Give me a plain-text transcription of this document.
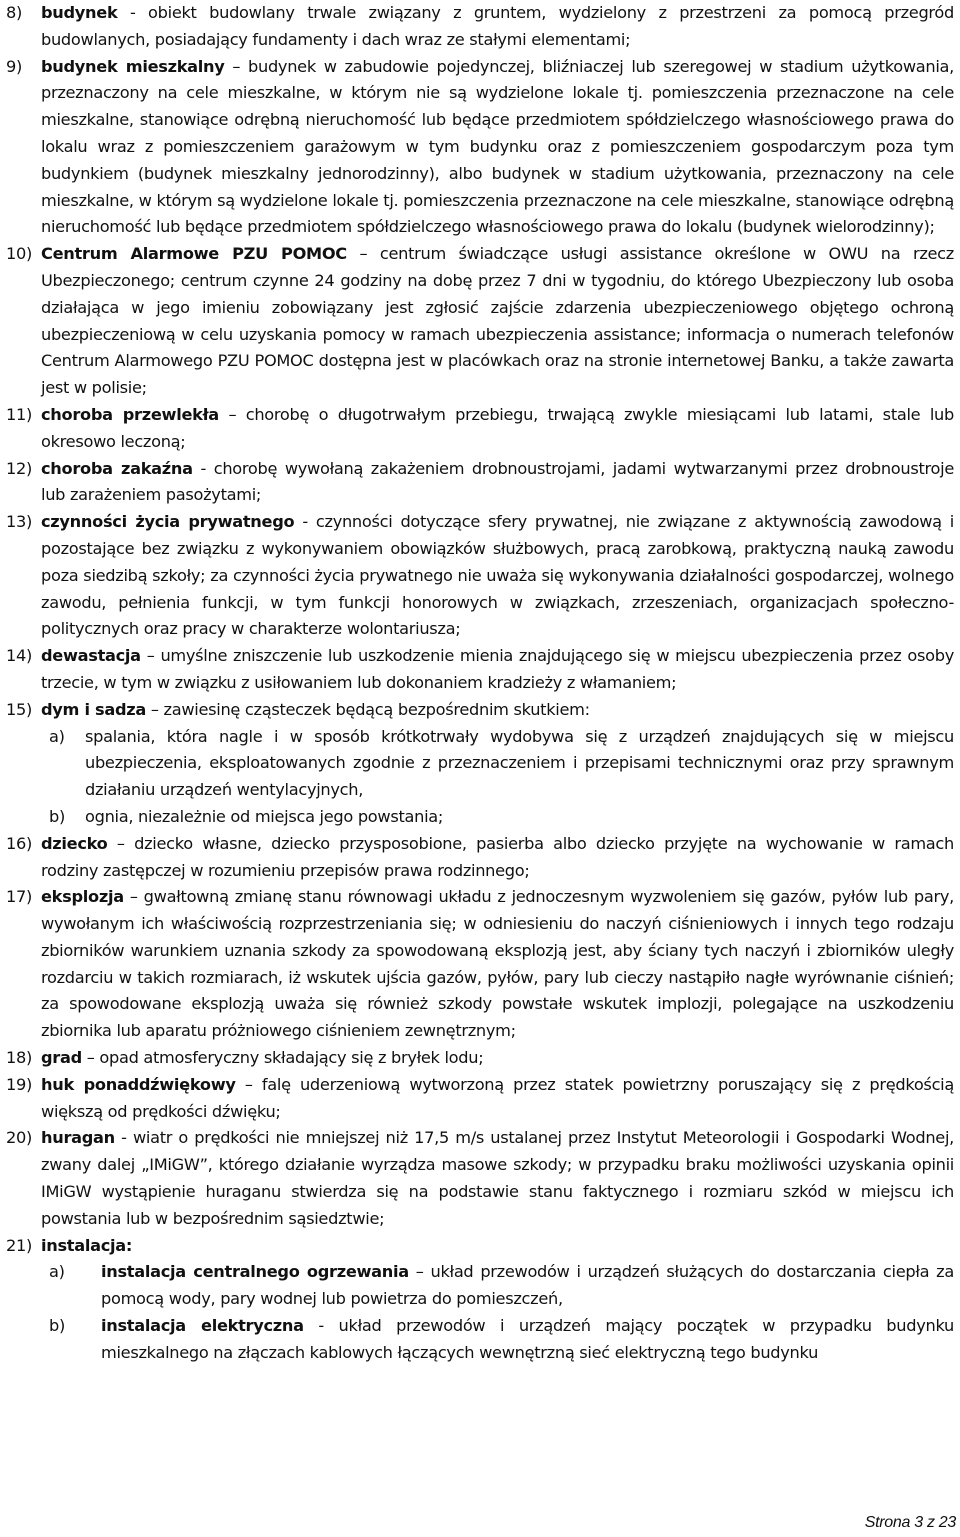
8)	budynek - obiekt budowlany trwale związany z gruntem, wydzielony z przestrzeni za pomocą przegród budowlanych, posiadający fundamenty i dach wraz ze stałymi elementami;
9)	budynek mieszkalny – budynek w zabudowie pojedynczej, bliźniaczej lub szeregowej w stadium użytkowania, przeznaczony na cele mieszkalne, w którym nie są wydzielone lokale tj. pomieszczenia przeznaczone na cele mieszkalne, stanowiące odrębną nieruchomość lub będące przedmiotem spółdzielczego własnościowego prawa do lokalu wraz z pomieszczeniem garażowym w tym budynku oraz z pomieszczeniem gospodarczym poza tym budynkiem (budynek mieszkalny jednorodzinny), albo budynek w stadium użytkowania, przeznaczony na cele mieszkalne, w którym są wydzielone lokale tj. pomieszczenia przeznaczone na cele mieszkalne, stanowiące odrębną nieruchomość lub będące przedmiotem spółdzielczego własnościowego prawa do lokalu (budynek wielorodzinny);
10) Centrum Alarmowe PZU POMOC – centrum świadczące usługi assistance określone w OWU na rzecz Ubezpieczonego; centrum czynne 24 godziny na dobę przez 7 dni w tygodniu, do którego Ubezpieczony lub osoba działająca w jego imieniu zobowiązany jest zgłosić zajście zdarzenia ubezpieczeniowego objętego ochroną ubezpieczeniową w celu uzyskania pomocy w ramach ubezpieczenia assistance; informacja o numerach telefonów Centrum Alarmowego PZU POMOC dostępna jest w placówkach oraz na stronie internetowej Banku, a także zawarta jest w polisie;
11) choroba przewlekła – chorobę o długotrwałym przebiegu, trwającą zwykle miesiącami lub latami, stale lub okresowo leczoną;
12) choroba zakaźna - chorobę wywołaną zakażeniem drobnoustrojami, jadami wytwarzanymi przez drobnoustroje lub zarażeniem pasożytami;
13) czynności życia prywatnego - czynności dotyczące sfery prywatnej, nie związane z aktywnością zawodową i pozostające bez związku z wykonywaniem obowiązków służbowych, pracą zarobkową, praktyczną nauką zawodu poza siedzibą szkoły; za czynności życia prywatnego nie uważa się wykonywania działalności gospodarczej, wolnego zawodu, pełnienia funkcji, w tym funkcji honorowych w związkach, zrzeszeniach, organizacjach społeczno-politycznych oraz pracy w charakterze wolontariusza;
14) dewastacja – umyślne zniszczenie lub uszkodzenie mienia znajdującego się w miejscu ubezpieczenia przez osoby trzecie, w tym w związku z usiłowaniem lub dokonaniem kradzieży z włamaniem;
15) dym i sadza – zawiesinę cząsteczek będącą bezpośrednim skutkiem:
a)	spalania, która nagle i w sposób krótkotrwały wydobywa się z urządzeń znajdujących się w miejscu ubezpieczenia, eksploatowanych zgodnie z przeznaczeniem i przepisami technicznymi oraz przy sprawnym działaniu urządzeń wentylacyjnych,
b)	ognia, niezależnie od miejsca jego powstania;
16) dziecko – dziecko własne, dziecko przysposobione, pasierba albo dziecko przyjęte na wychowanie w ramach rodziny zastępczej w rozumieniu przepisów prawa rodzinnego;
17) eksplozja – gwałtowną zmianę stanu równowagi układu z jednoczesnym wyzwoleniem się gazów, pyłów lub pary, wywołanym ich właściwością rozprzestrzeniania się; w odniesieniu do naczyń ciśnieniowych i innych tego rodzaju zbiorników warunkiem uznania szkody za spowodowaną eksplozją jest, aby ściany tych naczyń i zbiorników uległy rozdarciu w takich rozmiarach, iż wskutek ujścia gazów, pyłów, pary lub cieczy nastąpiło nagłe wyrównanie ciśnień; za spowodowane eksplozją uważa się również szkody powstałe wskutek implozji, polegające na uszkodzeniu zbiornika lub aparatu próżniowego ciśnieniem zewnętrznym;
18) grad – opad atmosferyczny składający się z bryłek lodu;
19) huk ponaddźwiękowy – falę uderzeniową wytworzoną przez statek powietrzny poruszający się z prędkością większą od prędkości dźwięku;
20) huragan - wiatr o prędkości nie mniejszej niż 17,5 m/s ustalanej przez Instytut Meteorologii i Gospodarki Wodnej, zwany dalej „IMiGW”, którego działanie wyrządza masowe szkody; w przypadku braku możliwości uzyskania opinii IMiGW wystąpienie huraganu stwierdza się na podstawie stanu faktycznego i rozmiaru szkód w miejscu ich powstania lub w bezpośrednim sąsiedztwie;
21) instalacja:
a)	instalacja centralnego ogrzewania – układ przewodów i urządzeń służących do dostarczania ciepła za pomocą wody, pary wodnej lub powietrza do pomieszczeń,
b)	instalacja elektryczna - układ przewodów i urządzeń mający początek w przypadku budynku mieszkalnego na złączach kablowych łączących wewnętrzną sieć elektryczną tego budynku
Strona 3 z 23
